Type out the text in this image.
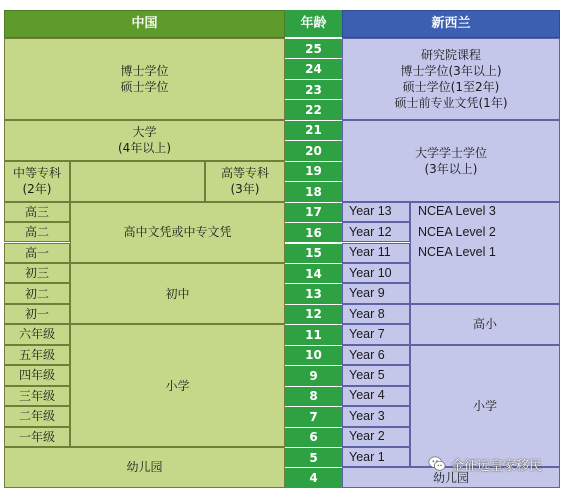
中国	年龄	新西兰
25
24
23
22
21
20
19
18
17
16
15
14
13
12
11
10
9
8
7
6
5
4
博士学位
硕士学位
大学
(4年以上)
中等专科
(2年)
高等专科
(3年)
高三
高二
高一
高中文凭或中专文凭
初三
初二
初一
初中
六年级
五年级
四年级
三年级
二年级
一年级
小学
幼儿园
研究院课程
博士学位(3年以上)
硕士学位(1至2年)
硕士前专业文凭(1年)
大学学士学位
(3年以上)
Year 13
Year 12
Year 11
Year 10
Year 9
Year 8
Year 7
Year 6
Year 5
Year 4
Year 3
Year 2
Year 1
NCEA Level 3
NCEA Level 2
NCEA Level 1
高小
小学
幼儿园
金征远皇家移民
